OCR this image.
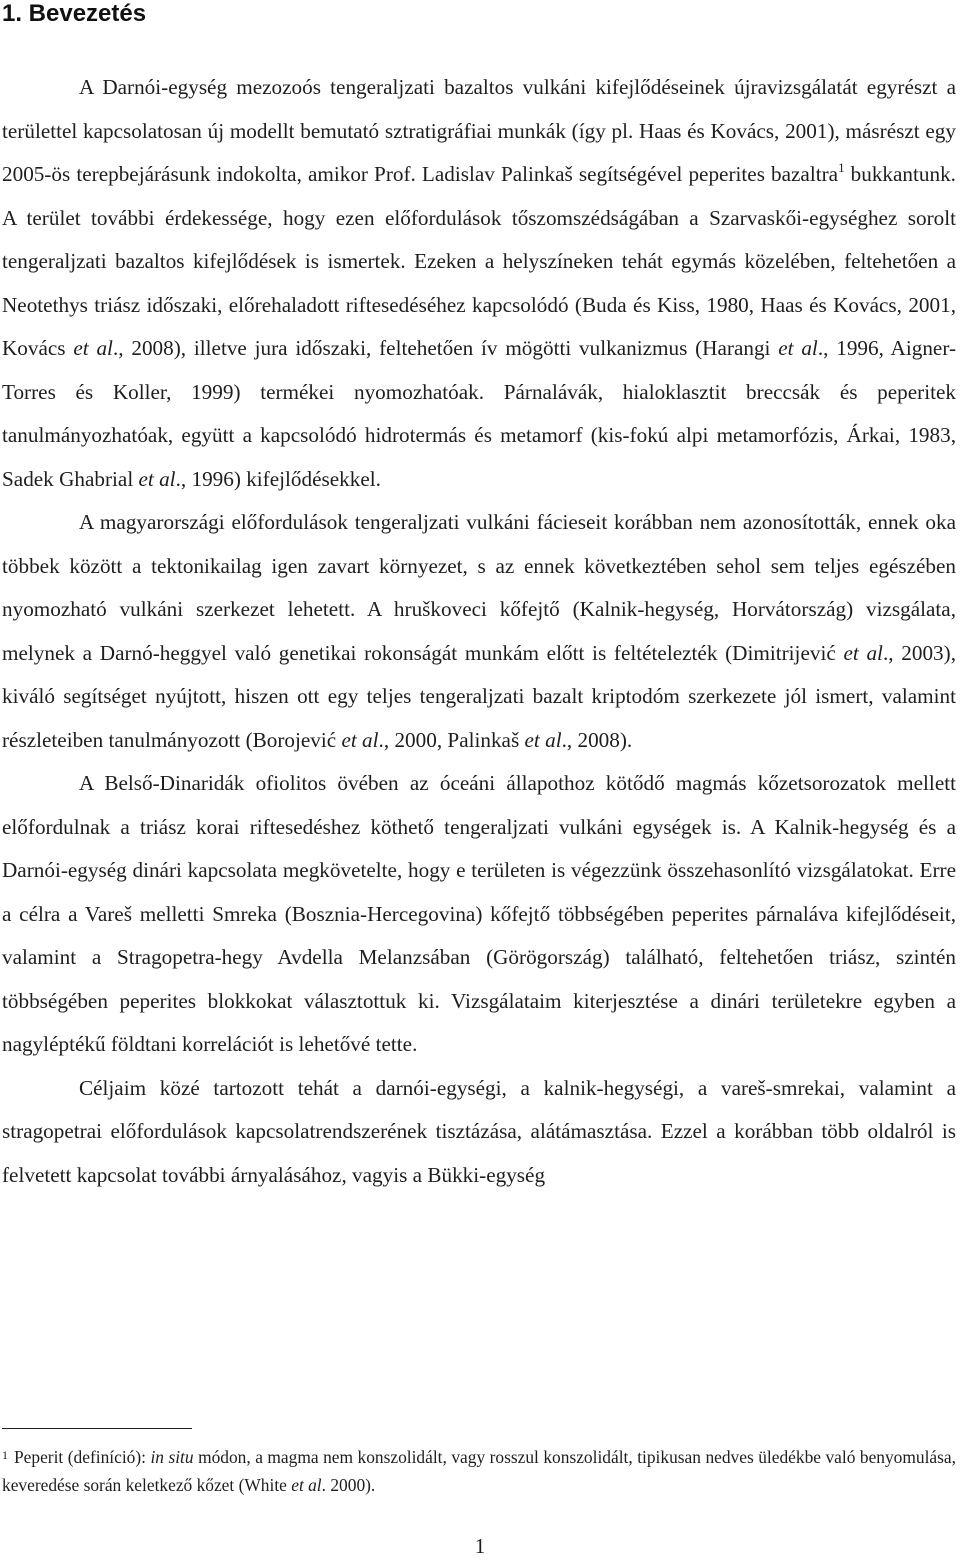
1. Bevezetés

A Darnói-egység mezozoós tengeraljzati bazaltos vulkáni kifejlődéseinek újravizsgálatát egyrészt a területtel kapcsolatosan új modellt bemutató sztratigráfiai munkák (így pl. Haas és Kovács, 2001), másrészt egy 2005-ös terepbejárásunk indokolta, amikor Prof. Ladislav Palinkaš segítségével peperites bazaltra$^1$ bukkantunk. A terület további érdekessége, hogy ezen előfordulások tőszomszédságában a Szarvaskői-egységhez sorolt tengeraljzati bazaltos kifejlődések is ismertek. Ezeken a helyszíneken tehát egymás közelében, feltehetően a Neotethys triász időszaki, előrehaladott riftesedéséhez kapcsolódó (Buda és Kiss, 1980, Haas és Kovács, 2001, Kovács et al., 2008), illetve jura időszaki, feltehetően ív mögötti vulkanizmus (Harangi et al., 1996, Aigner-Torres és Koller, 1999) termékei nyomozhatóak. Párnalávák, hialoklasztit breccsák és peperitek tanulmányozhatóak, együtt a kapcsolódó hidrotermás és metamorf (kis-fokú alpi metamorfózis, Árkai, 1983, Sadek Ghabrial et al., 1996) kifejlődésekkel.

A magyarországi előfordulások tengeraljzati vulkáni fácieseit korábban nem azonosították, ennek oka többek között a tektonikailag igen zavart környezet, s az ennek következtében sehol sem teljes egészében nyomozható vulkáni szerkezet lehetett. A hruškoveci kőfejtő (Kalnik-hegység, Horvátország) vizsgálata, melynek a Darnó-heggyel való genetikai rokonságát munkám előtt is feltételezték (Dimitrijević et al., 2003), kiváló segítséget nyújtott, hiszen ott egy teljes tengeraljzati bazalt kriptodóm szerkezete jól ismert, valamint részleteiben tanulmányozott (Borojević et al., 2000, Palinkaš et al., 2008).

A Belső-Dinaridák ofiolitos övében az óceáni állapothoz kötődő magmás kőzetsorozatok mellett előfordulnak a triász korai riftesedéshez köthető tengeraljzati vulkáni egységek is. A Kalnik-hegység és a Darnói-egység dinári kapcsolata megkövetelte, hogy e területen is végezzünk összehasonlító vizsgálatokat. Erre a célra a Vareš melletti Smreka (Bosznia-Hercegovina) kőfejtő többségében peperites párnaláva kifejlődéseit, valamint a Stragopetra-hegy Avdella Melanzsában (Görögország) található, feltehetően triász, szintén többségében peperites blokkokat választottuk ki. Vizsgálataim kiterjesztése a dinári területekre egyben a nagyléptékű földtani korrelációt is lehetővé tette.

Céljaim közé tartozott tehát a darnói-egységi, a kalnik-hegységi, a vareš-smrekai, valamint a stragopetrai előfordulások kapcsolatrendszerének tisztázása, alátámasztása. Ezzel a korábban több oldalról is felvetett kapcsolat további árnyalásához, vagyis a Bükki-egység

$^1$ Peperit (definíció): in situ módon, a magma nem konszolidált, vagy rosszul konszolidált, tipikusan nedves üledékbe való benyomulása, keveredése során keletkező kőzet (White et al. 2000).
1
